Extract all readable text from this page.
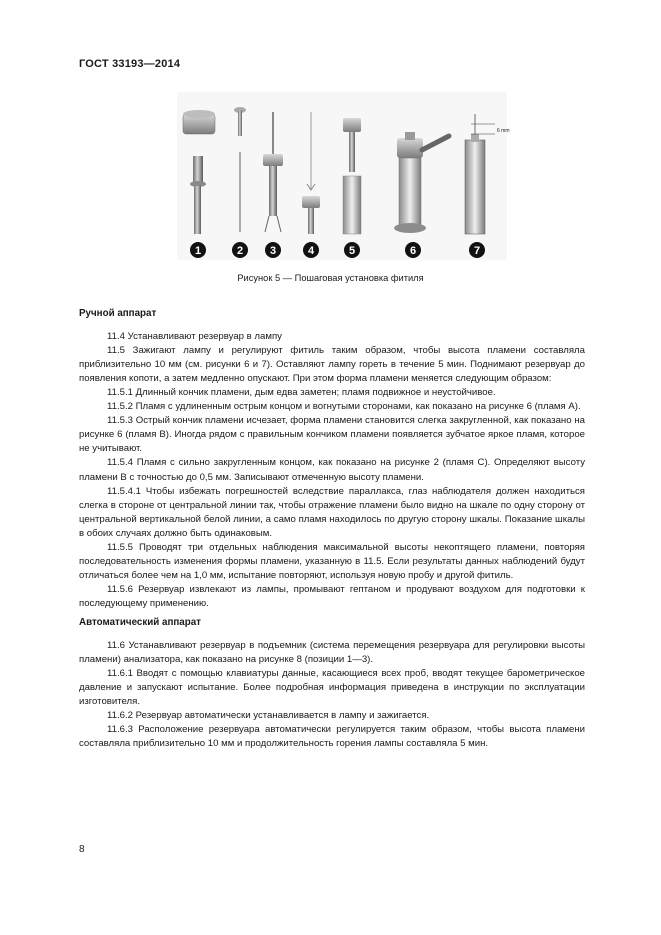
ГОСТ 33193—2014
6 mm
1	2 3	4	5	6	7
Рисунок 5 — Пошаговая установка фитиля
Ручной аппарат

11.4 Устанавливают резервуар в лампу

11.5 Зажигают лампу и регулируют фитиль таким образом, чтобы высота пламени составляла приблизительно 10 мм (см. рисунки 6 и 7). Оставляют лампу гореть в течение 5 мин. Поднимают резервуар до появления копоти, а затем медленно опускают. При этом форма пламени меняется следующим образом:

11.5.1 Длинный кончик пламени, дым едва заметен; пламя подвижное и неустойчивое.

11.5.2 Пламя с удлиненным острым концом и вогнутыми сторонами, как показано на рисунке 6 (пламя А).

11.5.3 Острый кончик пламени исчезает, форма пламени становится слегка закругленной, как показано на рисунке 6 (пламя В). Иногда рядом с правильным кончиком пламени появляется зубчатое яркое пламя, которое не учитывают.

11.5.4 Пламя с сильно закругленным концом, как показано на рисунке 2 (пламя С). Определяют высоту пламени В с точностью до 0,5 мм. Записывают отмеченную высоту пламени.

11.5.4.1 Чтобы избежать погрешностей вследствие параллакса, глаз наблюдателя должен находиться слегка в стороне от центральной линии так, чтобы отражение пламени было видно на шкале по одну сторону от центральной вертикальной белой линии, а само пламя находилось по другую сторону шкалы. Показание шкалы в обоих случаях должно быть одинаковым.

11.5.5 Проводят три отдельных наблюдения максимальной высоты некоптящего пламени, повторяя последовательность изменения формы пламени, указанную в 11.5. Если результаты данных наблюдений будут отличаться более чем на 1,0 мм, испытание повторяют, используя новую пробу и другой фитиль.

11.5.6 Резервуар извлекают из лампы, промывают гептаном и продувают воздухом для подготовки к последующему применению.

Автоматический аппарат

11.6 Устанавливают резервуар в подъемник (система перемещения резервуара для регулировки высоты пламени) анализатора, как показано на рисунке 8 (позиции 1—3).

11.6.1 Вводят с помощью клавиатуры данные, касающиеся всех проб, вводят текущее барометрическое давление и запускают испытание. Более подробная информация приведена в инструкции по эксплуатации изготовителя.

11.6.2 Резервуар автоматически устанавливается в лампу и зажигается.

11.6.3 Расположение резервуара автоматически регулируется таким образом, чтобы высота пламени составляла приблизительно 10 мм и продолжительность горения лампы составляла 5 мин.

8
